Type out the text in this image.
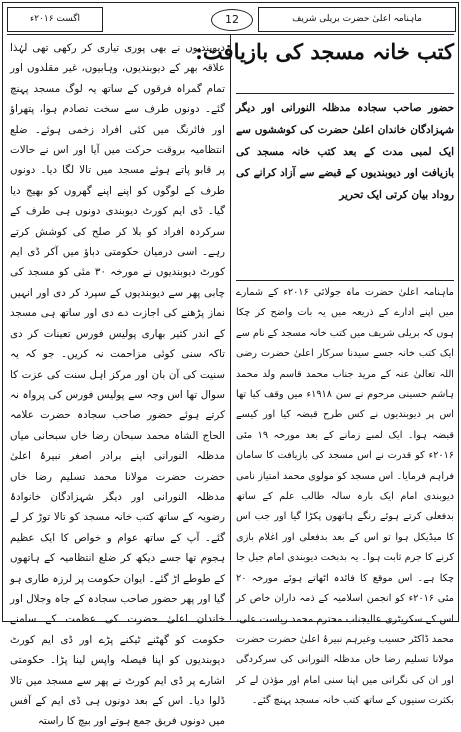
اگست ۲۰۱۶ء	12	ماہنامہ اعلیٰ حضرت بریلی شریف

دیوبندیوں نے بھی پوری تیاری کر رکھی تھی لہٰذا علاقہ بھر کے دیوبندیوں، وہابیوں، غیر مقلدوں اور تمام گمراہ فرقوں کے ساتھ یہ لوگ مسجد پہنچ گئے۔ دونوں طرف سے سخت تصادم ہوا، پتھراؤ اور فائرنگ میں کئی افراد زخمی ہوئے۔ ضلع انتظامیہ بروقت حرکت میں آیا اور اس نے حالات پر قابو پاتے ہوئے مسجد میں تالا لگا دیا۔ دونوں طرف کے لوگوں کو اپنے اپنے گھروں کو بھیج دیا گیا۔ ڈی ایم کورٹ دیوبندی دونوں ہی طرف کے سرکردہ افراد کو بلا کر صلح کی کوشش کرتے رہے۔ اسی درمیان حکومتی دباؤ میں آکر ڈی ایم کورٹ دیوبندیوں نے مورخہ ۳۰ مئی کو مسجد کی چابی پھر سے دیوبندیوں کے سپرد کر دی اور انہیں نماز پڑھنے کی اجازت دے دی اور ساتھ ہی مسجد کے اندر کثیر بھاری پولیس فورس تعینات کر دی تاکہ سنی کوئی مزاحمت نہ کریں۔ جو کہ یہ سنیت کی آن بان اور مرکز اہل سنت کی عزت کا سوال تھا اس وجہ سے پولیس فورس کی پرواہ نہ کرتے ہوئے حضور صاحب سجادہ حضرت علامہ الحاج الشاہ محمد سبحان رضا خاں سبحانی میاں مدظلہ النورانی اپنے برادر اصغر نبیرۂ اعلیٰ حضرت حضرت مولانا محمد تسلیم رضا خاں مدظلہ النورانی اور دیگر شہزادگان خانوادۂ رضویہ کے ساتھ کتب خانہ مسجد کو تالا توڑ کر لے گئے۔ آپ کے ساتھ عوام و خواص کا ایک عظیم ہجوم تھا جسے دیکھ کر ضلع انتظامیہ کے ہاتھوں کے طوطے اڑ گئے۔ ایوان حکومت پر لرزہ طاری ہو گیا اور پھر حضور صاحب سجادہ کے جاہ وجلال اور خاندان اعلیٰ حضرت کی عظمت کے سامنے حکومت کو گھٹنے ٹیکنے پڑے اور ڈی ایم کورٹ دیوبندیوں کو اپنا فیصلہ واپس لینا پڑا۔ حکومتی اشارے پر ڈی ایم کورٹ نے پھر سے مسجد میں تالا ڈلوا دیا۔ اس کے بعد دونوں ہی ڈی ایم کے آفس میں دونوں فریق جمع ہوتے اور بیچ کا راستہ

کتب خانہ مسجد کی بازیافت:

حضور صاحب سجادہ مدظلہ النورانی اور دیگر شہزادگان خاندان اعلیٰ حضرت کی کوششوں سے ایک لمبی مدت کے بعد کتب خانہ مسجد کی بازیافت اور دیوبندیوں کے قبضے سے آزاد کرانے کی روداد بیان کرتی ایک تحریر

ماہنامہ اعلیٰ حضرت ماہ جولائی ۲۰۱۶ء کے شمارے میں اپنے ادارے کے ذریعہ میں یہ بات واضح کر چکا ہوں کہ بریلی شریف میں کتب خانہ مسجد کے نام سے ایک کتب خانہ جسے سیدنا سرکار اعلیٰ حضرت رضی اللہ تعالیٰ عنہ کے مرید جناب محمد قاسم ولد محمد ہاشم حسینی مرحوم نے سن ۱۹۱۸ء میں وقف کیا تھا اس پر دیوبندیوں نے کس طرح قبضہ کیا اور کیسے قبضہ ہوا۔ ایک لمبے زمانے کے بعد مورخہ ۱۹ مئی ۲۰۱۶ء کو قدرت نے اس مسجد کی بازیافت کا سامان فراہم فرمایا۔ اس مسجد کو مولوی محمد امتیاز نامی دیوبندی امام ایک بارہ سالہ طالب علم کے ساتھ بدفعلی کرتے ہوئے رنگے ہاتھوں پکڑا گیا اور جب اس کا میڈیکل ہوا تو اس کے بعد بدفعلی اور اغلام بازی کرنے کا جرم ثابت ہوا۔ یہ بدبخت دیوبندی امام جیل جا چکا ہے۔ اس موقع کا فائدہ اٹھاتے ہوئے مورخہ ۲۰ مئی ۲۰۱۶ء کو انجمن اسلامیہ کے ذمہ داران خاص کر اس کے سکریٹری عالیجناب محترم محمد ریاست علی، محمد ڈاکٹر حسیب وغیرہم نبیرۂ اعلیٰ حضرت حضرت مولانا تسلیم رضا خاں مدظلہ النورانی کی سرکردگی اور ان کی نگرانی میں اپنا سنی امام اور مؤذن لے کر بکثرت سنیوں کے ساتھ کتب خانہ مسجد پہنچ گئے۔
